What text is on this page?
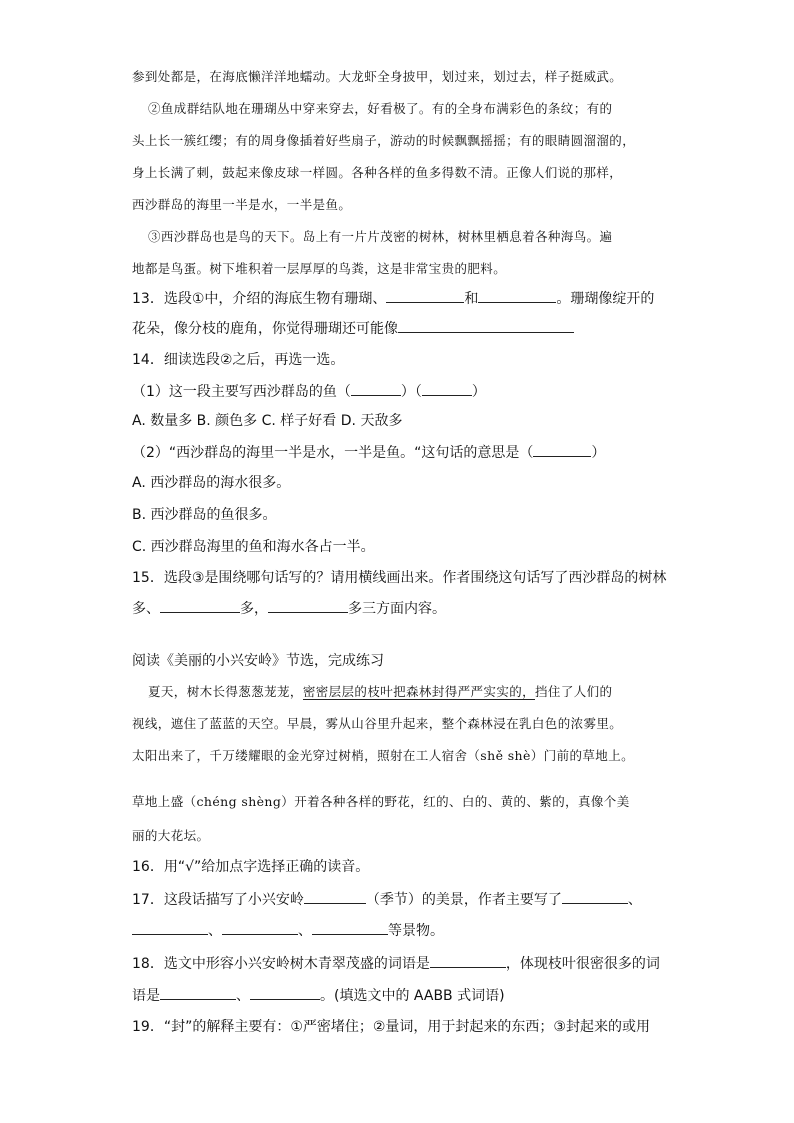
参到处都是，在海底懒洋洋地蠕动。大龙虾全身披甲，划过来，划过去，样子挺威武。
②鱼成群结队地在珊瑚丛中穿来穿去，好看极了。有的全身布满彩色的条纹；有的
头上长一簇红缨；有的周身像插着好些扇子，游动的时候飘飘摇摇；有的眼睛圆溜溜的，
身上长满了刺，鼓起来像皮球一样圆。各种各样的鱼多得数不清。正像人们说的那样，
西沙群岛的海里一半是水，一半是鱼。
③西沙群岛也是鸟的天下。岛上有一片片茂密的树林，树林里栖息着各种海鸟。遍
地都是鸟蛋。树下堆积着一层厚厚的鸟粪，这是非常宝贵的肥料。
13．选段①中，介绍的海底生物有珊瑚、	和	。珊瑚像绽开的
花朵，像分枝的鹿角，你觉得珊瑚还可能像
14．细读选段②之后，再选一选。
（1）这一段主要写西沙群岛的鱼（	）（	）
A. 数量多 B. 颜色多 C. 样子好看 D. 天敌多
（2）“西沙群岛的海里一半是水，一半是鱼。“这句话的意思是（	）
A. 西沙群岛的海水很多。
B. 西沙群岛的鱼很多。
C. 西沙群岛海里的鱼和海水各占一半。
15．选段③是围绕哪句话写的？请用横线画出来。作者围绕这句话写了西沙群岛的树林
多、	多，	多三方面内容。
阅读《美丽的小兴安岭》节选，完成练习
夏天，树木长得葱葱茏茏，密密层层的枝叶把森林封得严严实实的，挡住了人们的
视线，遮住了蓝蓝的天空。早晨，雾从山谷里升起来，整个森林浸在乳白色的浓雾里。
太阳出来了，千万缕耀眼的金光穿过树梢，照射在工人宿舍（shě shè）门前的草地上。
草地上盛（chéng shèng）开着各种各样的野花，红的、白的、黄的、紫的，真像个美
丽的大花坛。
16．用“√”给加点字选择正确的读音。
17．这段话描写了小兴安岭	（季节）的美景，作者主要写了	、
、	、	等景物。
18．选文中形容小兴安岭树木青翠茂盛的词语是	，体现枝叶很密很多的词
语是	、	。(填选文中的 AABB 式词语)
19．“封”的解释主要有：①严密堵住；②量词，用于封起来的东西；③封起来的或用
